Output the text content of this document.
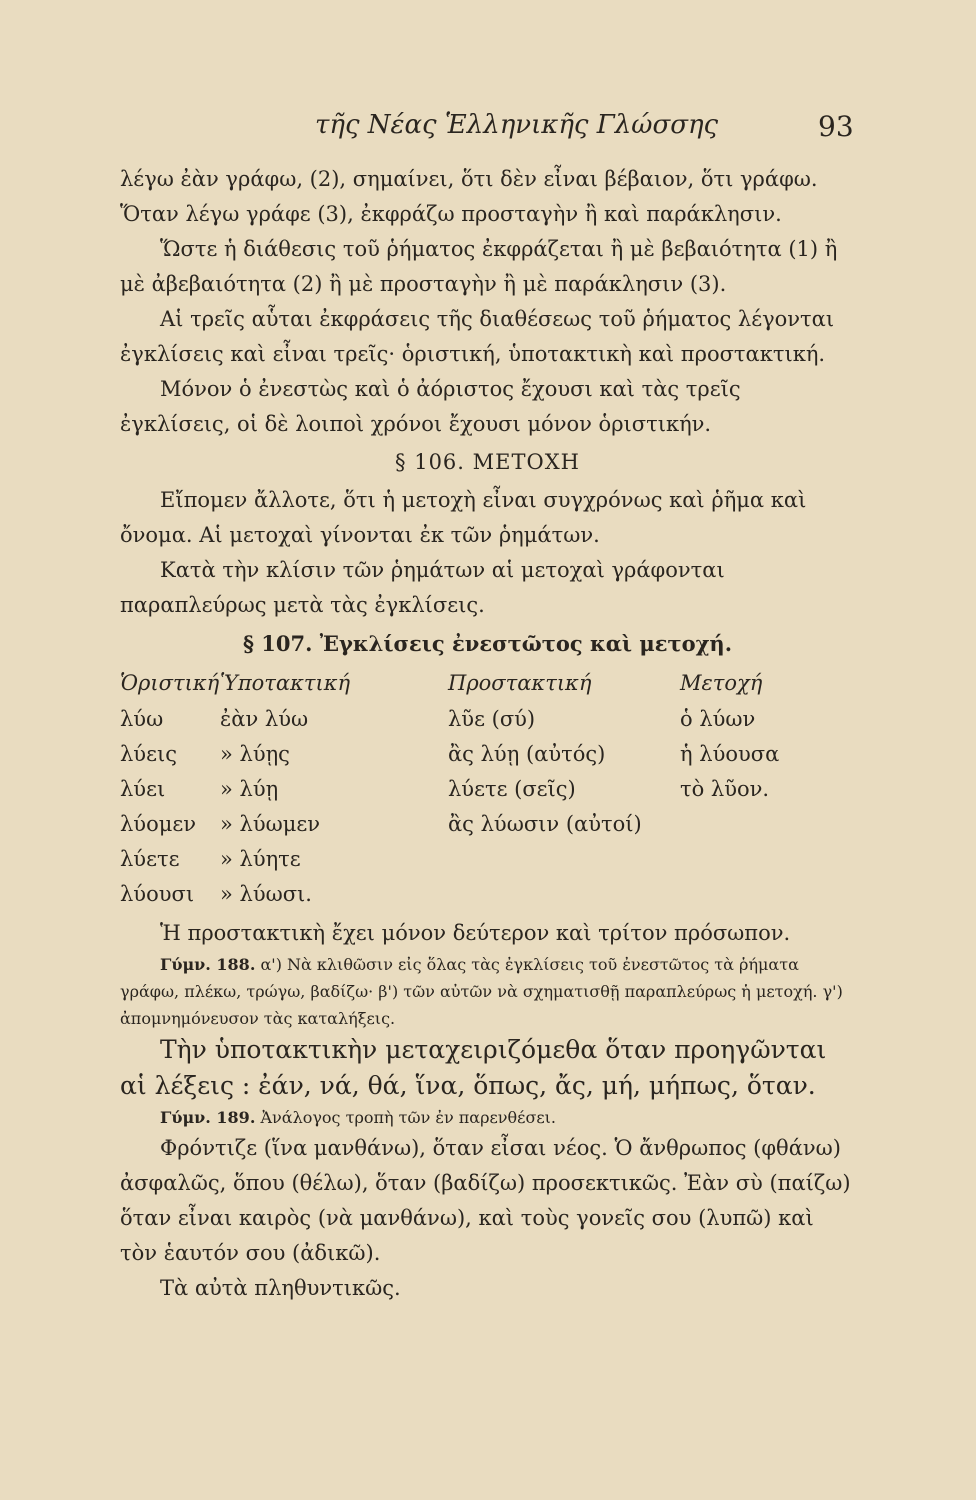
τῆς Νέας Ἑλληνικῆς Γλώσσης	93

λέγω ἐὰν γράφω, (2), σημαίνει, ὅτι δὲν εἶναι βέβαιον, ὅτι γράφω. Ὅταν λέγω γράφε (3), ἐκφράζω προσταγὴν ἢ καὶ παράκλησιν.

Ὥστε ἡ διάθεσις τοῦ ῥήματος ἐκφράζεται ἢ μὲ βεβαιότητα (1) ἢ μὲ ἀβεβαιότητα (2) ἢ μὲ προσταγὴν ἢ μὲ παράκλησιν (3).

Αἱ τρεῖς αὗται ἐκφράσεις τῆς διαθέσεως τοῦ ῥήματος λέγονται ἐγκλίσεις καὶ εἶναι τρεῖς· ὁριστική, ὑποτακτικὴ καὶ προστακτική.

Μόνον ὁ ἐνεστὼς καὶ ὁ ἀόριστος ἔχουσι καὶ τὰς τρεῖς ἐγκλίσεις, οἱ δὲ λοιποὶ χρόνοι ἔχουσι μόνον ὁριστικήν.

§ 106. ΜΕΤΟΧΗ

Εἴπομεν ἄλλοτε, ὅτι ἡ μετοχὴ εἶναι συγχρόνως καὶ ῥῆμα καὶ ὄνομα. Αἱ μετοχαὶ γίνονται ἐκ τῶν ῥημάτων.

Κατὰ τὴν κλίσιν τῶν ῥημάτων αἱ μετοχαὶ γράφονται παραπλεύρως μετὰ τὰς ἐγκλίσεις.

§ 107. Ἐγκλίσεις ἐνεστῶτος καὶ μετοχή.

Ὁριστική	Ὑποτακτική	Προστακτική	Μετοχή
λύω	ἐὰν λύω	λῦε (σύ)	ὁ λύων
λύεις	» λύῃς	ἂς λύῃ (αὐτός)	ἡ λύουσα
λύει	» λύῃ	λύετε (σεῖς)	τὸ λῦον.
λύομεν	» λύωμεν	ἂς λύωσιν (αὐτοί)	
λύετε	» λύητε		
λύουσι	» λύωσι.		

Ἡ προστακτικὴ ἔχει μόνον δεύτερον καὶ τρίτον πρόσωπον.

Γύμν. 188. α') Νὰ κλιθῶσιν εἰς ὅλας τὰς ἐγκλίσεις τοῦ ἐνεστῶτος τὰ ῥήματα γράφω, πλέκω, τρώγω, βαδίζω· β') τῶν αὐτῶν νὰ σχηματισθῇ παραπλεύρως ἡ μετοχή. γ') ἀπομνημόνευσον τὰς καταλήξεις.

Τὴν ὑποτακτικὴν μεταχειριζόμεθα ὅταν προηγῶνται αἱ λέξεις : ἐάν, νά, θά, ἵνα, ὅπως, ἄς, μή, μήπως, ὅταν.

Γύμν. 189. Ἀνάλογος τροπὴ τῶν ἐν παρενθέσει.

Φρόντιζε (ἵνα μανθάνω), ὅταν εἶσαι νέος. Ὁ ἄνθρωπος (φθάνω) ἀσφαλῶς, ὅπου (θέλω), ὅταν (βαδίζω) προσεκτικῶς. Ἐὰν σὺ (παίζω) ὅταν εἶναι καιρὸς (νὰ μανθάνω), καὶ τοὺς γονεῖς σου (λυπῶ) καὶ τὸν ἑαυτόν σου (ἀδικῶ).

Τὰ αὐτὰ πληθυντικῶς.
